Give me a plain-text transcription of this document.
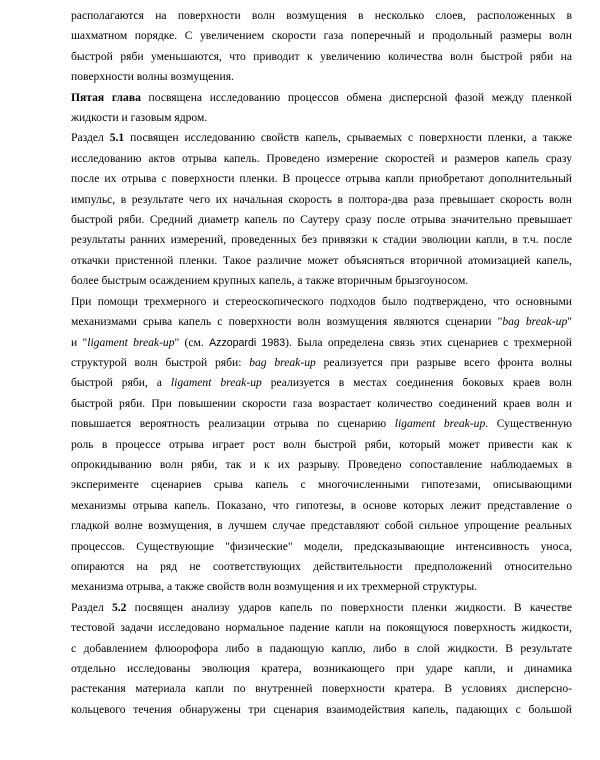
располагаются на поверхности волн возмущения в несколько слоев, расположенных в
шахматном порядке. С увеличением скорости газа поперечный и продольный размеры волн
быстрой ряби уменьшаются, что приводит к увеличению количества волн быстрой ряби на
поверхности волны возмущения.

Пятая глава посвящена исследованию процессов обмена дисперсной фазой между пленкой
жидкости и газовым ядром.

Раздел 5.1 посвящен исследованию свойств капель, срываемых с поверхности пленки, а также
исследованию актов отрыва капель. Проведено измерение скоростей и размеров капель сразу
после их отрыва с поверхности пленки. В процессе отрыва капли приобретают дополнительный
импульс, в результате чего их начальная скорость в полтора-два раза превышает скорость волн
быстрой ряби. Средний диаметр капель по Саутеру сразу после отрыва значительно превышает
результаты ранних измерений, проведенных без привязки к стадии эволюции капли, в т.ч. после
откачки пристенной пленки. Такое различие может объясняться вторичной атомизацией капель,
более быстрым осаждением крупных капель, а также вторичным брызгоуносом.

При помощи трехмерного и стереоскопического подходов было подтверждено, что основными
механизмами срыва капель с поверхности волн возмущения являются сценарии "bag break-up"
и "ligament break-up" (см. Azzopardi 1983). Была определена связь этих сценариев с трехмерной
структурой волн быстрой ряби: bag break-up реализуется при разрыве всего фронта волны
быстрой ряби, а ligament break-up реализуется в местах соединения боковых краев волн
быстрой ряби. При повышении скорости газа возрастает количество соединений краев волн и
повышается вероятность реализации отрыва по сценарию ligament break-up. Существенную
роль в процессе отрыва играет рост волн быстрой ряби, который может привести как к
опрокидыванию волн ряби, так и к их разрыву. Проведено сопоставление наблюдаемых в
эксперименте сценариев срыва капель с многочисленными гипотезами, описывающими
механизмы отрыва капель. Показано, что гипотезы, в основе которых лежит представление о
гладкой волне возмущения, в лучшем случае представляют собой сильное упрощение реальных
процессов. Существующие "физические" модели, предсказывающие интенсивность уноса,
опираются на ряд не соответствующих действительности предположений относительно
механизма отрыва, а также свойств волн возмущения и их трехмерной структуры.

Раздел 5.2 посвящен анализу ударов капель по поверхности пленки жидкости. В качестве
тестовой задачи исследовано нормальное падение капли на покоящуюся поверхность жидкости,
с добавлением флюорофора либо в падающую каплю, либо в слой жидкости. В результате
отдельно исследованы эволюция кратера, возникающего при ударе капли, и динамика
растекания материала капли по внутренней поверхности кратера. В условиях дисперсно-
кольцевого течения обнаружены три сценария взаимодействия капель, падающих с большой
